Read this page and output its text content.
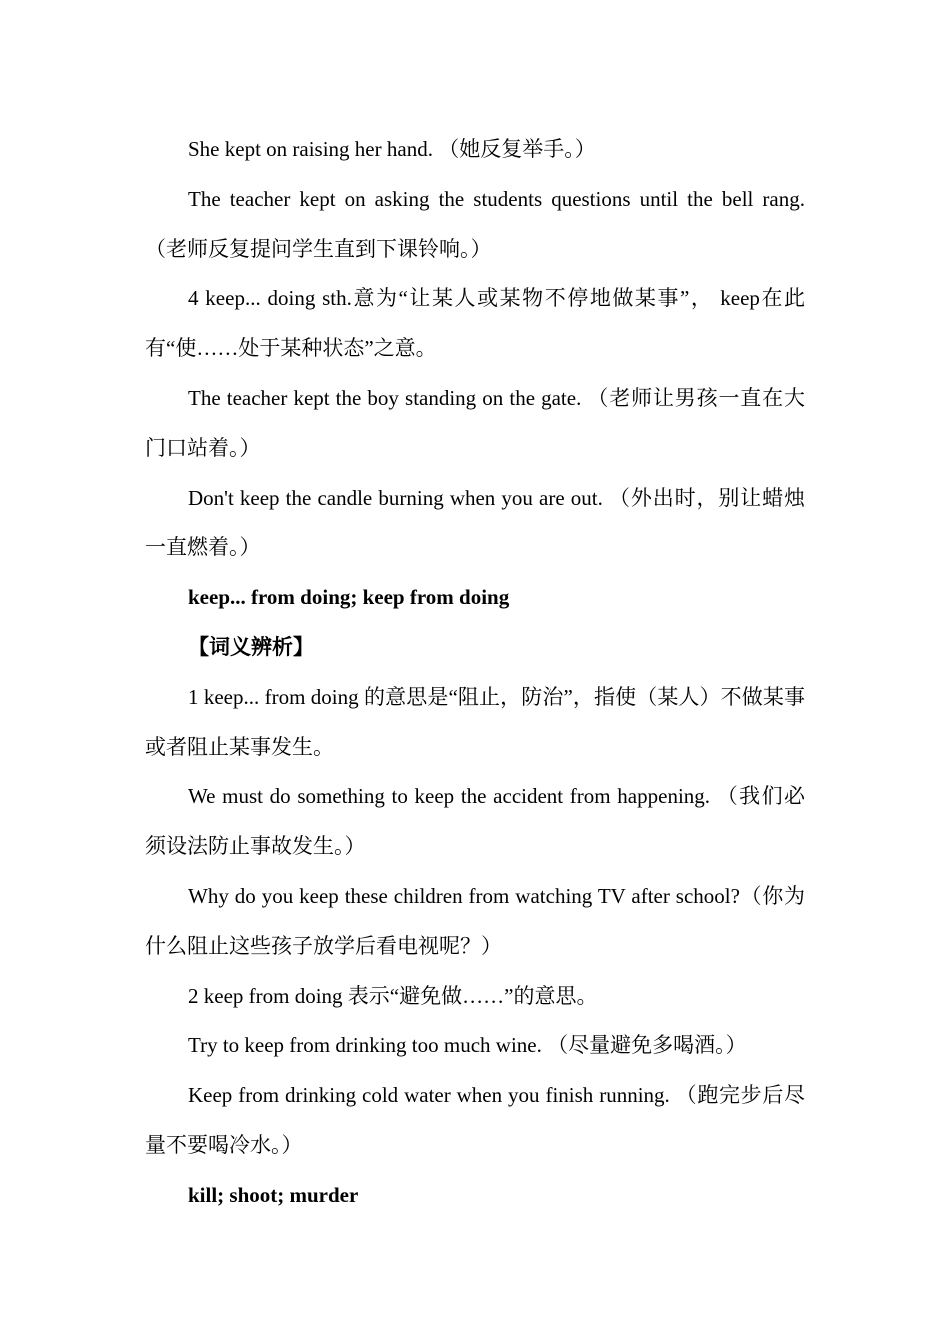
She kept on raising her hand. （她反复举手。）

The teacher kept on asking the students questions until the bell rang.（老师反复提问学生直到下课铃响。）

4 keep... doing sth.意为“让某人或某物不停地做某事”， keep在此有“使……处于某种状态”之意。

The teacher kept the boy standing on the gate. （老师让男孩一直在大门口站着。）

Don't keep the candle burning when you are out. （外出时，别让蜡烛一直燃着。）

keep... from doing; keep from doing

【词义辨析】

1 keep... from doing 的意思是“阻止，防治”，指使（某人）不做某事或者阻止某事发生。

We must do something to keep the accident from happening. （我们必须设法防止事故发生。）

Why do you keep these children from watching TV after school?（你为什么阻止这些孩子放学后看电视呢？）

2 keep from doing 表示“避免做……”的意思。

Try to keep from drinking too much wine. （尽量避免多喝酒。）

Keep from drinking cold water when you finish running. （跑完步后尽量不要喝冷水。）

kill; shoot; murder
